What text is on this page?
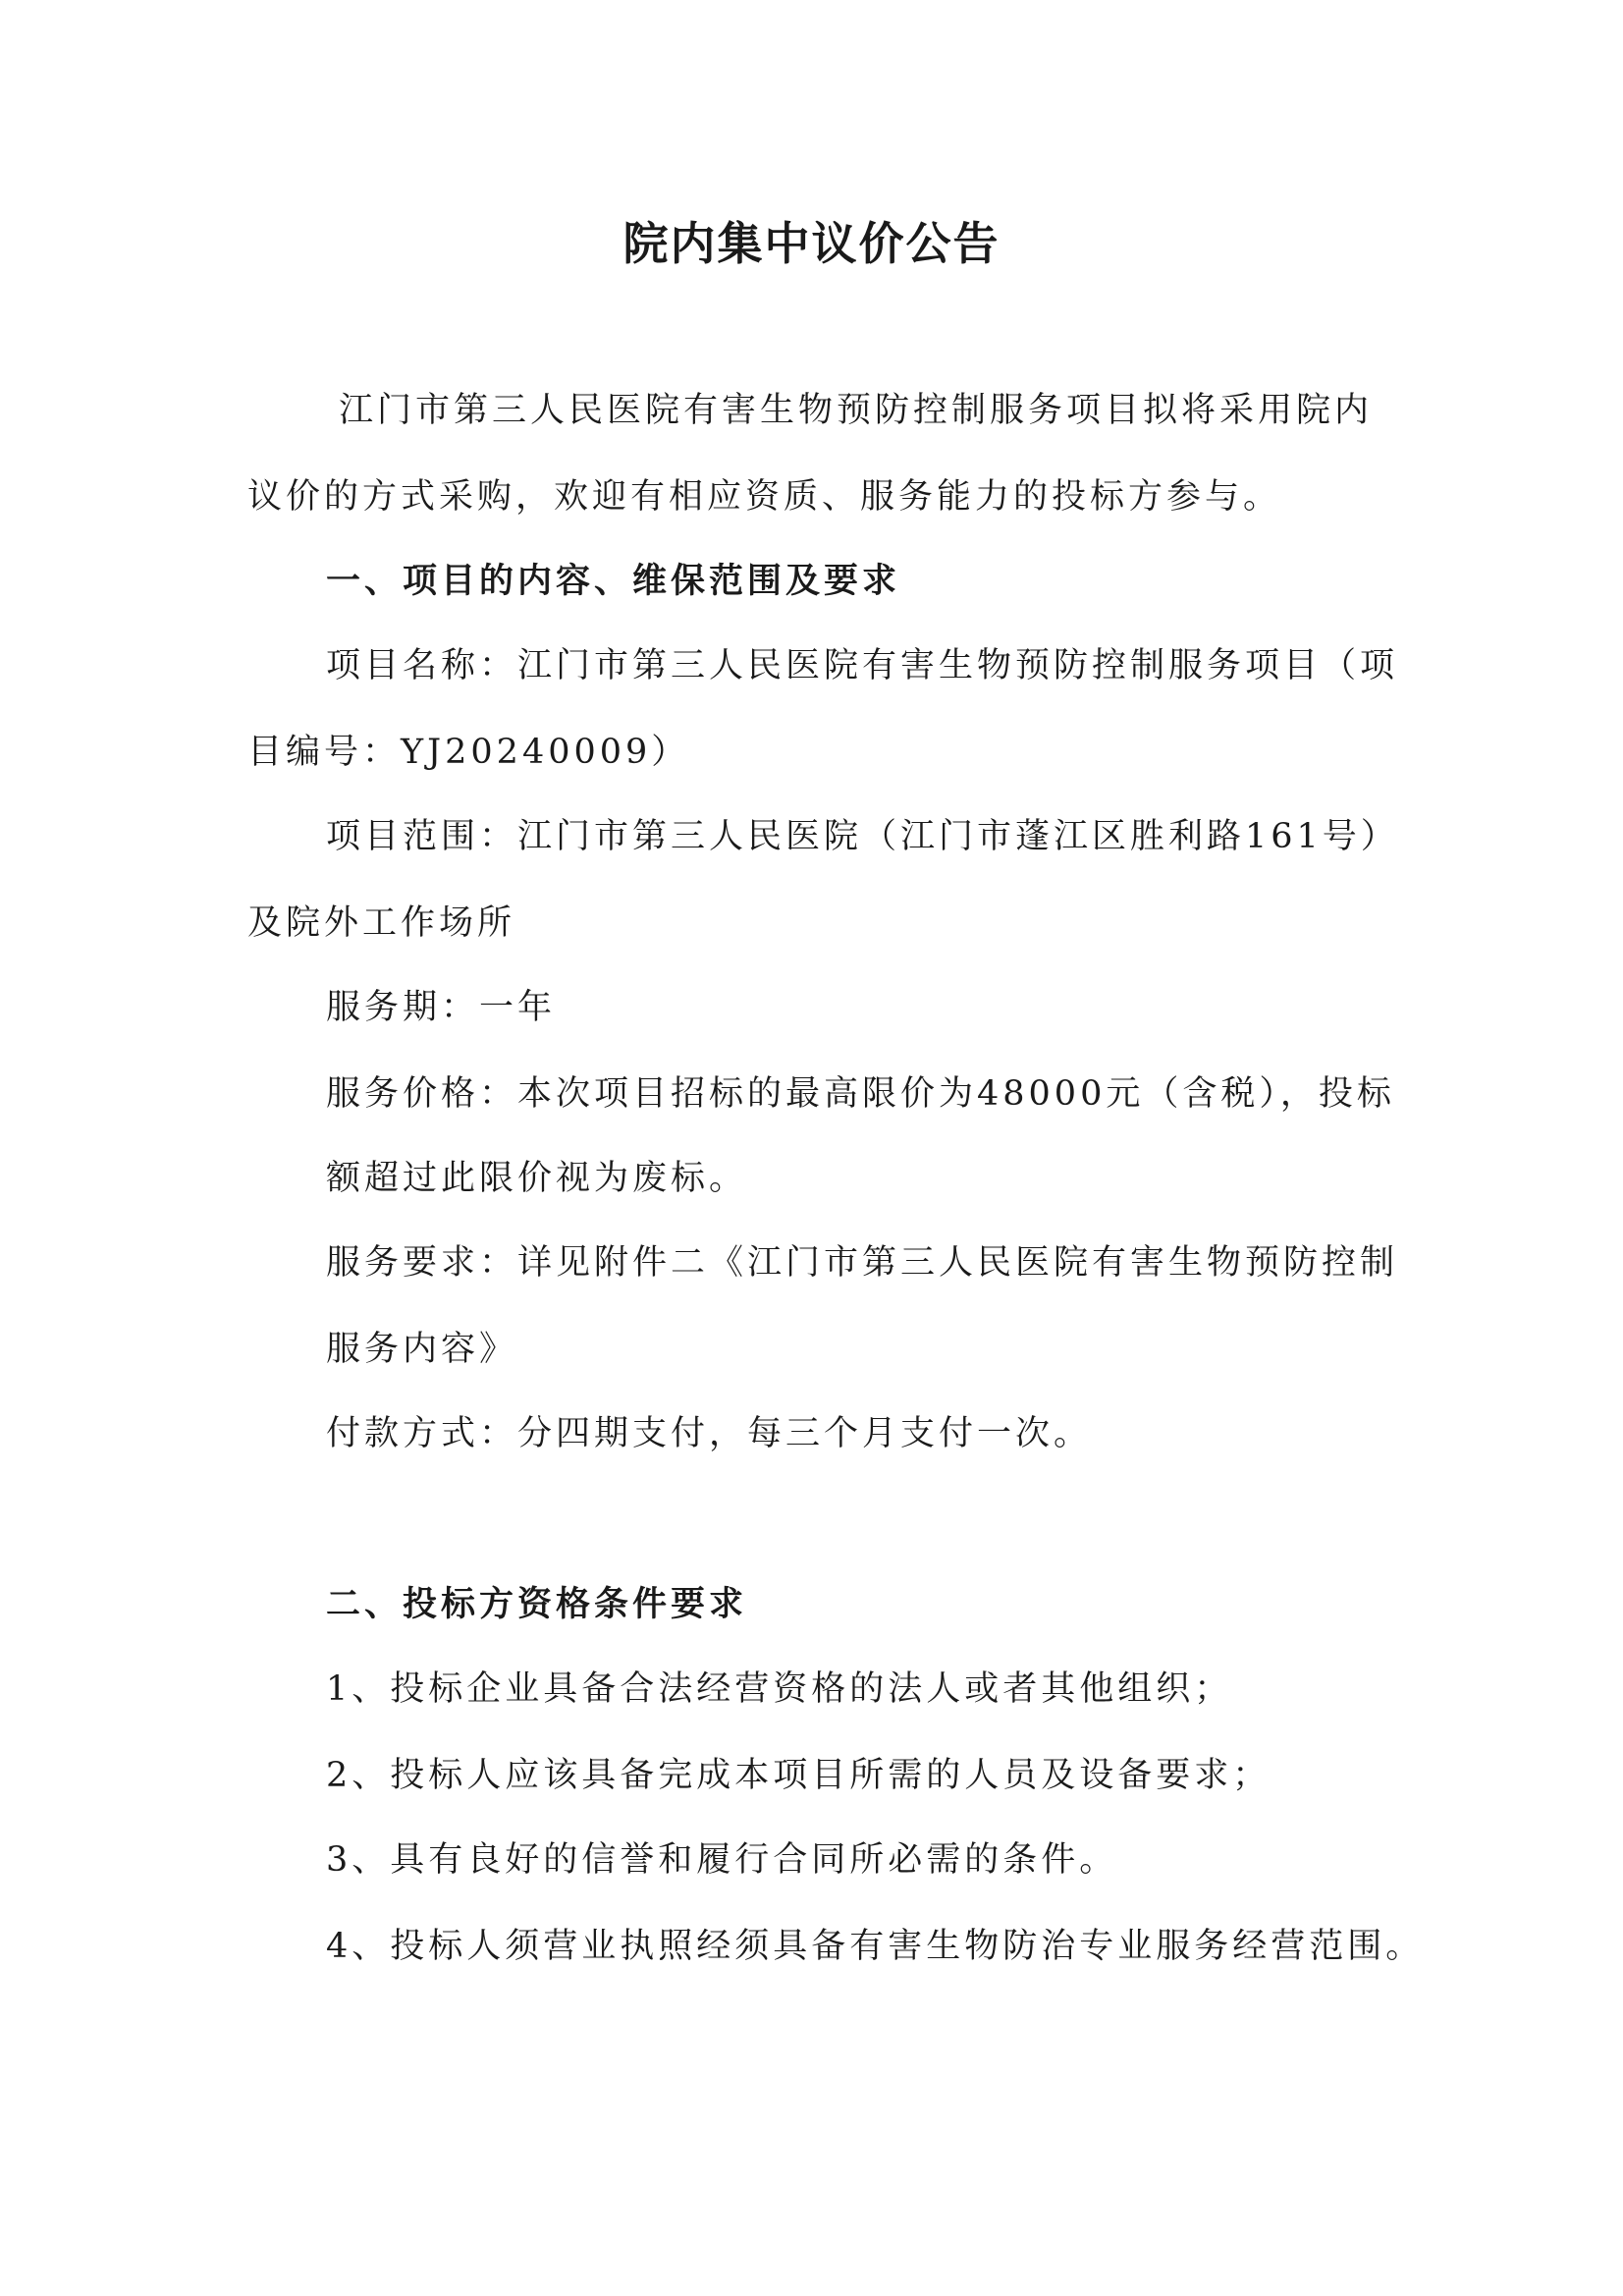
院内集中议价公告

江门市第三人民医院有害生物预防控制服务项目拟将采用院内

议价的方式采购，欢迎有相应资质、服务能力的投标方参与。

一、项目的内容、维保范围及要求

项目名称：江门市第三人民医院有害生物预防控制服务项目（项

目编号：YJ20240009）

项目范围：江门市第三人民医院（江门市蓬江区胜利路161号）

及院外工作场所

服务期：一年

服务价格：本次项目招标的最高限价为48000元（含税），投标

额超过此限价视为废标。

服务要求：详见附件二《江门市第三人民医院有害生物预防控制

服务内容》

付款方式：分四期支付，每三个月支付一次。

二、投标方资格条件要求

1、投标企业具备合法经营资格的法人或者其他组织；

2、投标人应该具备完成本项目所需的人员及设备要求；

3、具有良好的信誉和履行合同所必需的条件。

4、投标人须营业执照经须具备有害生物防治专业服务经营范围。
